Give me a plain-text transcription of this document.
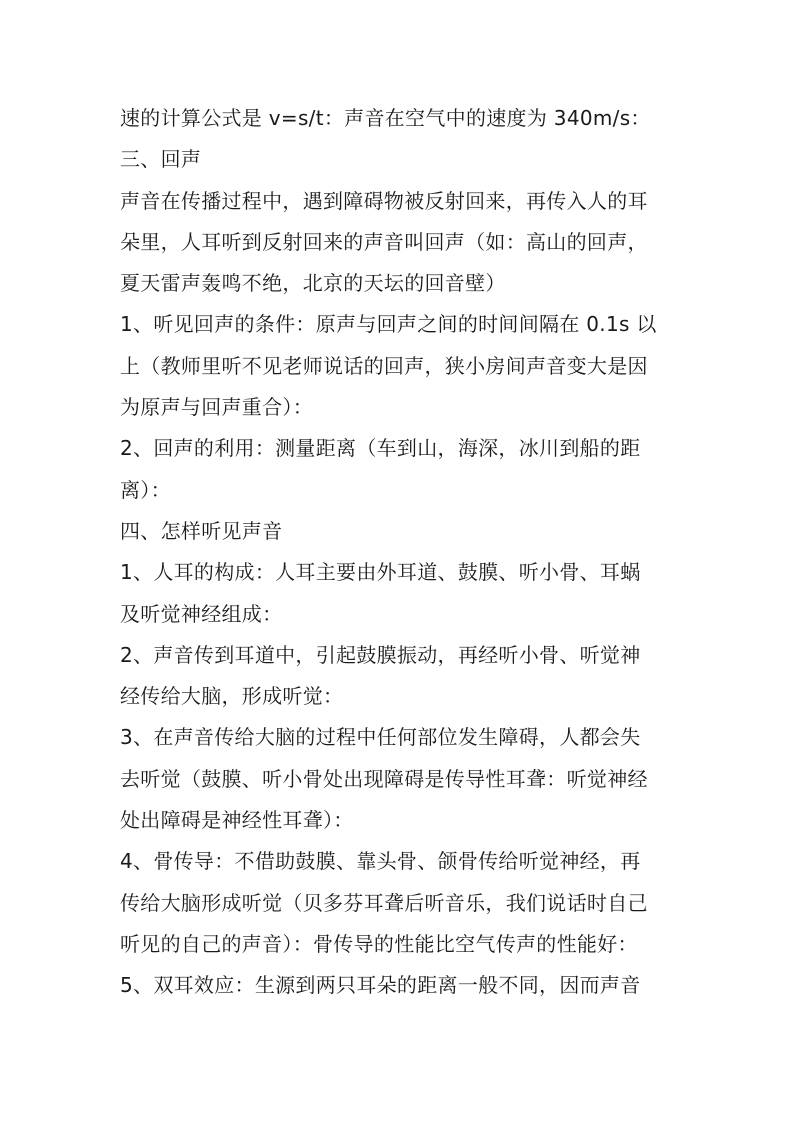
速的计算公式是 v=s/t：声音在空气中的速度为 340m/s：
三、回声
声音在传播过程中，遇到障碍物被反射回来，再传入人的耳
朵里，人耳听到反射回来的声音叫回声（如：高山的回声，
夏天雷声轰鸣不绝，北京的天坛的回音壁）
1、听见回声的条件：原声与回声之间的时间间隔在 0.1s 以
上（教师里听不见老师说话的回声，狭小房间声音变大是因
为原声与回声重合）：
2、回声的利用：测量距离（车到山，海深，冰川到船的距
离）：
四、怎样听见声音
1、人耳的构成：人耳主要由外耳道、鼓膜、听小骨、耳蜗
及听觉神经组成：
2、声音传到耳道中，引起鼓膜振动，再经听小骨、听觉神
经传给大脑，形成听觉：
3、在声音传给大脑的过程中任何部位发生障碍，人都会失
去听觉（鼓膜、听小骨处出现障碍是传导性耳聋：听觉神经
处出障碍是神经性耳聋）：
4、骨传导：不借助鼓膜、靠头骨、颌骨传给听觉神经，再
传给大脑形成听觉（贝多芬耳聋后听音乐，我们说话时自己
听见的自己的声音）：骨传导的性能比空气传声的性能好：
5、双耳效应：生源到两只耳朵的距离一般不同，因而声音
